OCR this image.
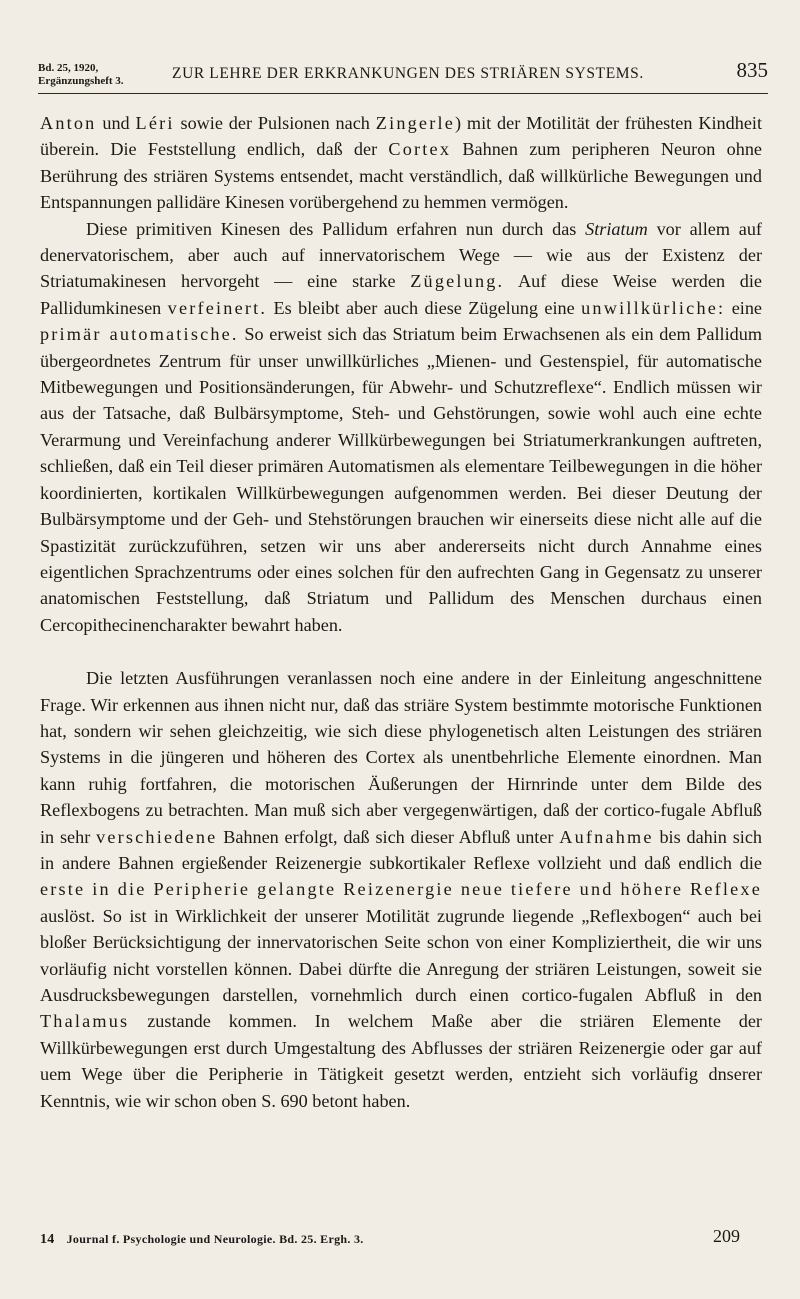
Bd. 25, 1920,
Ergänzungsheft 3.	ZUR LEHRE DER ERKRANKUNGEN DES STRIÄREN SYSTEMS.	835

Anton und Léri sowie der Pulsionen nach Zingerle) mit der Motilität der frühesten Kindheit überein. Die Feststellung endlich, daß der Cortex Bahnen zum peripheren Neuron ohne Berührung des striären Systems entsendet, macht verständlich, daß willkürliche Bewegungen und Entspannungen pallidäre Kinesen vorübergehend zu hemmen vermögen.

Diese primitiven Kinesen des Pallidum erfahren nun durch das Striatum vor allem auf denervatorischem, aber auch auf innervatorischem Wege — wie aus der Existenz der Striatumakinesen hervorgeht — eine starke Zügelung. Auf diese Weise werden die Pallidumkinesen verfeinert. Es bleibt aber auch diese Zügelung eine unwillkürliche: eine primär automatische. So erweist sich das Striatum beim Erwachsenen als ein dem Pallidum übergeordnetes Zentrum für unser unwillkürliches „Mienen- und Gestenspiel, für automatische Mitbewegungen und Positionsänderungen, für Abwehr- und Schutzreflexe“. Endlich müssen wir aus der Tatsache, daß Bulbärsymptome, Steh- und Gehstörungen, sowie wohl auch eine echte Verarmung und Vereinfachung anderer Willkürbewegungen bei Striatumerkrankungen auftreten, schließen, daß ein Teil dieser primären Automatismen als elementare Teilbewegungen in die höher koordinierten, kortikalen Willkürbewegungen aufgenommen werden. Bei dieser Deutung der Bulbärsymptome und der Geh- und Stehstörungen brauchen wir einerseits diese nicht alle auf die Spastizität zurückzuführen, setzen wir uns aber andererseits nicht durch Annahme eines eigentlichen Sprachzentrums oder eines solchen für den aufrechten Gang in Gegensatz zu unserer anatomischen Feststellung, daß Striatum und Pallidum des Menschen durchaus einen Cercopithecinencharakter bewahrt haben.

Die letzten Ausführungen veranlassen noch eine andere in der Einleitung angeschnittene Frage. Wir erkennen aus ihnen nicht nur, daß das striäre System bestimmte motorische Funktionen hat, sondern wir sehen gleichzeitig, wie sich diese phylogenetisch alten Leistungen des striären Systems in die jüngeren und höheren des Cortex als unentbehrliche Elemente einordnen. Man kann ruhig fortfahren, die motorischen Äußerungen der Hirnrinde unter dem Bilde des Reflexbogens zu betrachten. Man muß sich aber vergegenwärtigen, daß der cortico-fugale Abfluß in sehr verschiedene Bahnen erfolgt, daß sich dieser Abfluß unter Aufnahme bis dahin sich in andere Bahnen ergießender Reizenergie subkortikaler Reflexe vollzieht und daß endlich die erste in die Peripherie gelangte Reizenergie neue tiefere und höhere Reflexe auslöst. So ist in Wirklichkeit der unserer Motilität zugrunde liegende „Reflexbogen“ auch bei bloßer Berücksichtigung der innervatorischen Seite schon von einer Kompliziertheit, die wir uns vorläufig nicht vorstellen können. Dabei dürfte die Anregung der striären Leistungen, soweit sie Ausdrucksbewegungen darstellen, vornehmlich durch einen cortico-fugalen Abfluß in den Thalamus zustande kommen. In welchem Maße aber die striären Elemente der Willkürbewegungen erst durch Umgestaltung des Abflusses der striären Reizenergie oder gar auf uem Wege über die Peripherie in Tätigkeit gesetzt werden, entzieht sich vorläufig dnserer Kenntnis, wie wir schon oben S. 690 betont haben.

14 Journal f. Psychologie und Neurologie. Bd. 25. Ergh. 3.	209
